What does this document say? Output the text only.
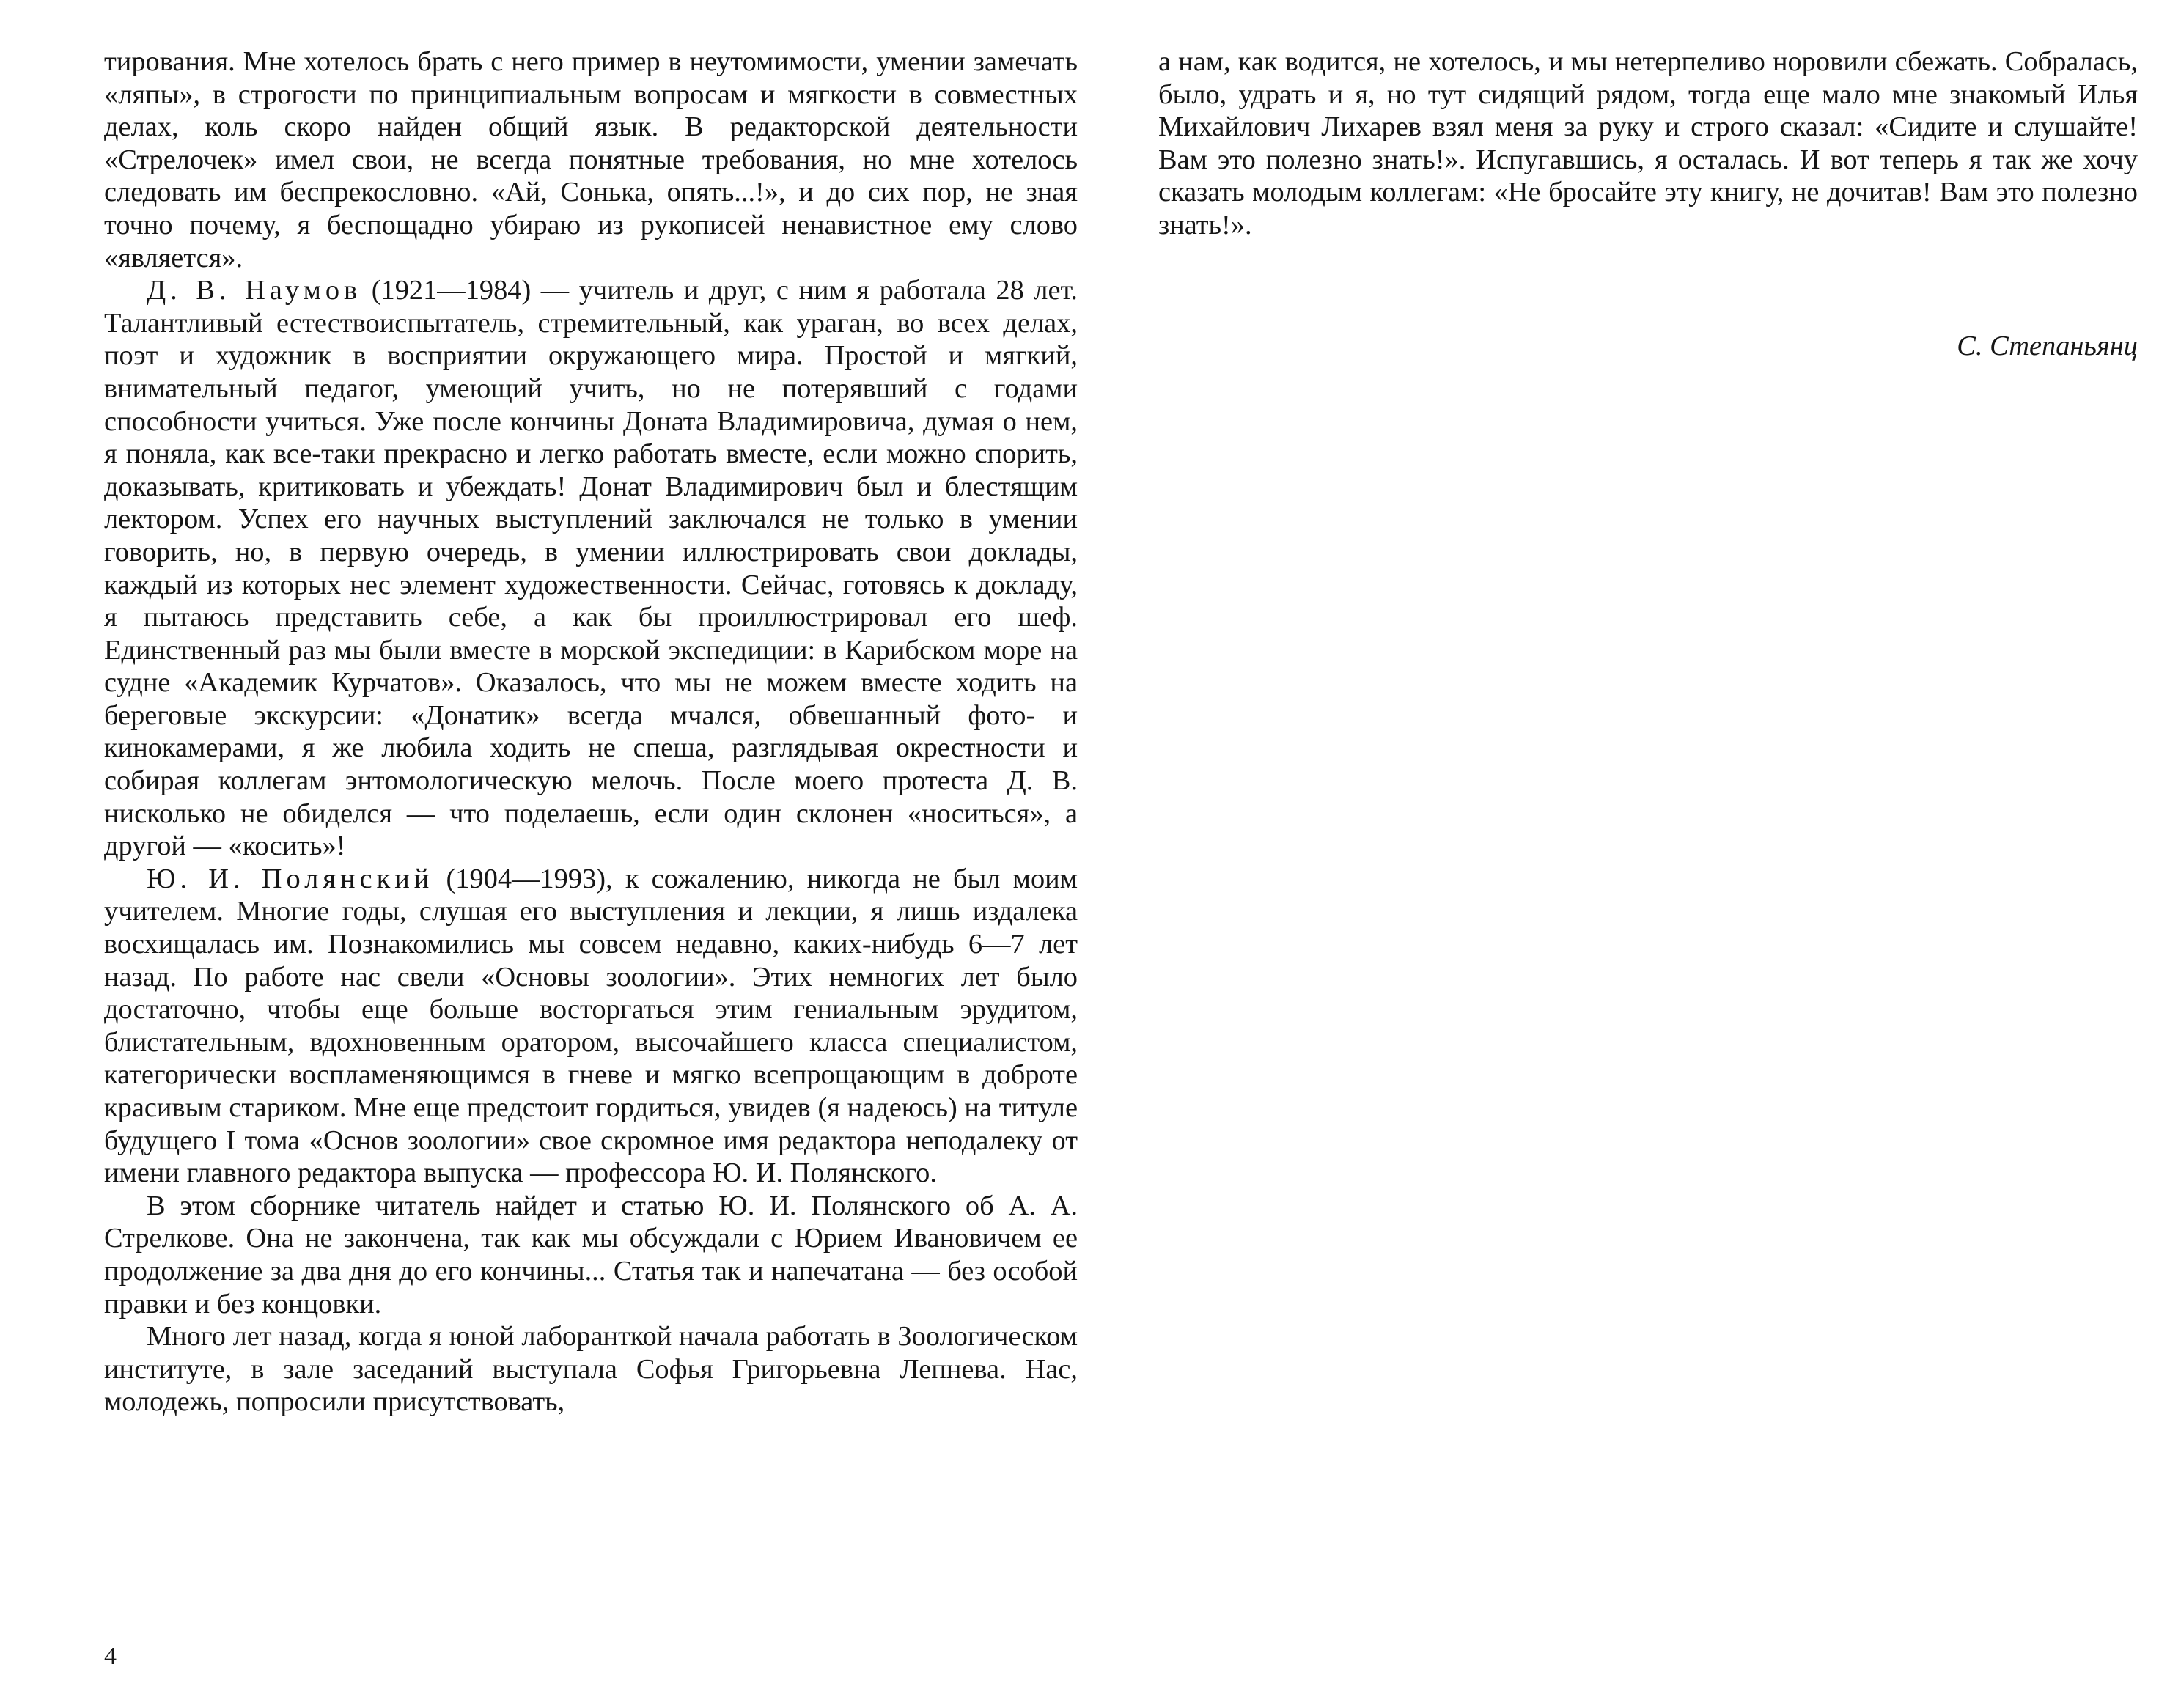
тирования. Мне хотелось брать с него пример в неутомимости, умении замечать «ляпы», в строгости по принципиальным вопросам и мягкости в совместных делах, коль скоро найден общий язык. В редакторской деятельности «Стрелочек» имел свои, не всегда понятные требования, но мне хотелось следовать им беспрекословно. «Ай, Сонька, опять...!», и до сих пор, не зная точно почему, я беспощадно убираю из рукописей ненавистное ему слово «является».

Д. В. Наумов (1921—1984) — учитель и друг, с ним я работала 28 лет. Талантливый естествоиспытатель, стремительный, как ураган, во всех делах, поэт и художник в восприятии окружающего мира. Простой и мягкий, внимательный педагог, умеющий учить, но не потерявший с годами способности учиться. Уже после кончины Доната Владимировича, думая о нем, я поняла, как все-таки прекрасно и легко работать вместе, если можно спорить, доказывать, критиковать и убеждать! Донат Владимирович был и блестящим лектором. Успех его научных выступлений заключался не только в умении говорить, но, в первую очередь, в умении иллюстрировать свои доклады, каждый из которых нес элемент художественности. Сейчас, готовясь к докладу, я пытаюсь представить себе, а как бы проиллюстрировал его шеф. Единственный раз мы были вместе в морской экспедиции: в Карибском море на судне «Академик Курчатов». Оказалось, что мы не можем вместе ходить на береговые экскурсии: «Донатик» всегда мчался, обвешанный фото- и кинокамерами, я же любила ходить не спеша, разглядывая окрестности и собирая коллегам энтомологическую мелочь. После моего протеста Д. В. нисколько не обиделся — что поделаешь, если один склонен «носиться», а другой — «косить»!

Ю. И. Полянский (1904—1993), к сожалению, никогда не был моим учителем. Многие годы, слушая его выступления и лекции, я лишь издалека восхищалась им. Познакомились мы совсем недавно, каких-нибудь 6—7 лет назад. По работе нас свели «Основы зоологии». Этих немногих лет было достаточно, чтобы еще больше восторгаться этим гениальным эрудитом, блистательным, вдохновенным оратором, высочайшего класса специалистом, категорически воспламеняющимся в гневе и мягко всепрощающим в доброте красивым стариком. Мне еще предстоит гордиться, увидев (я надеюсь) на титуле будущего I тома «Основ зоологии» свое скромное имя редактора неподалеку от имени главного редактора выпуска — профессора Ю. И. Полянского.

В этом сборнике читатель найдет и статью Ю. И. Полянского об А. А. Стрелкове. Она не закончена, так как мы обсуждали с Юрием Ивановичем ее продолжение за два дня до его кончины... Статья так и напечатана — без особой правки и без концовки.

Много лет назад, когда я юной лаборанткой начала работать в Зоологическом институте, в зале заседаний выступала Софья Григорьевна Лепнева. Нас, молодежь, попросили присутствовать,

4

а нам, как водится, не хотелось, и мы нетерпеливо норовили сбежать. Собралась, было, удрать и я, но тут сидящий рядом, тогда еще мало мне знакомый Илья Михайлович Лихарев взял меня за руку и строго сказал: «Сидите и слушайте! Вам это полезно знать!». Испугавшись, я осталась. И вот теперь я так же хочу сказать молодым коллегам: «Не бросайте эту книгу, не дочитав! Вам это полезно знать!».

С. Степаньянц
